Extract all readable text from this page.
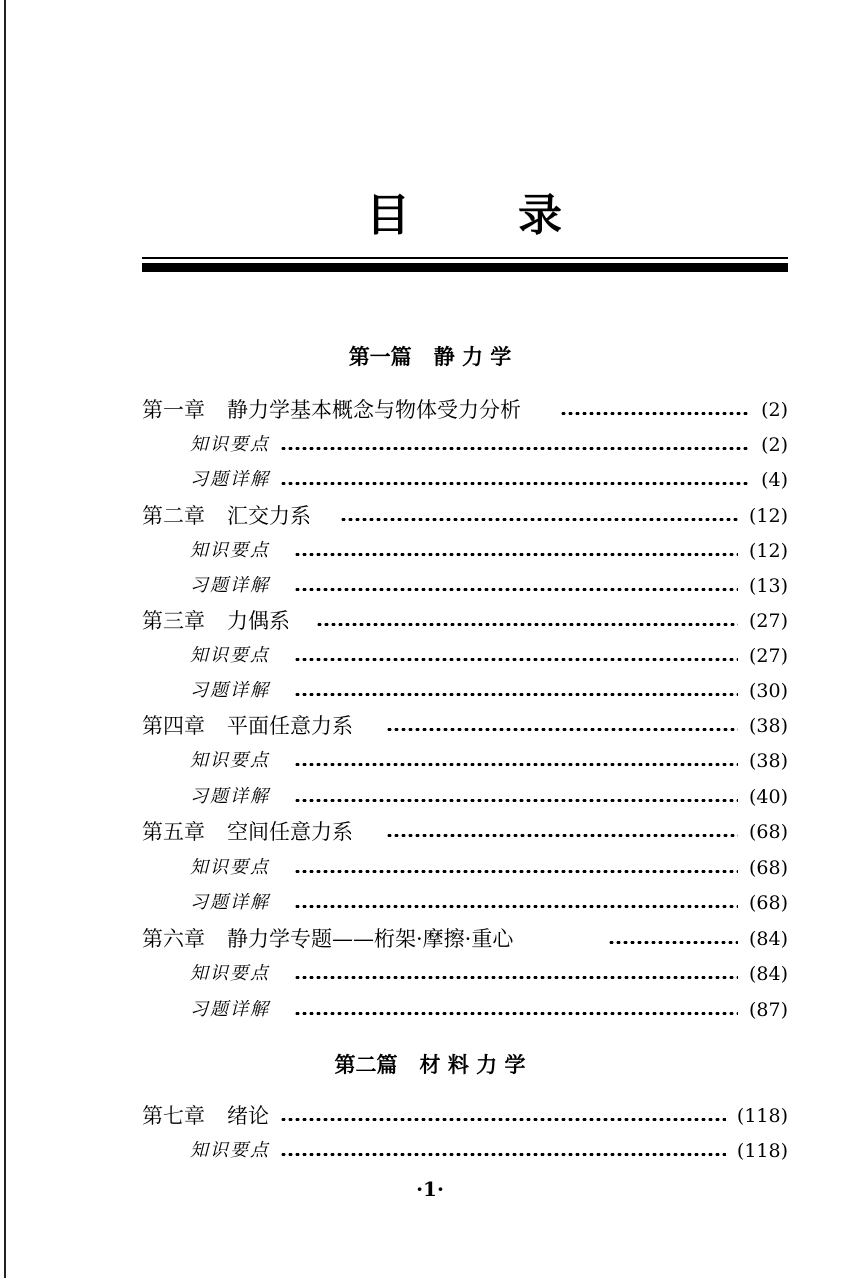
目 录
第一篇 静 力 学
第一章 静力学基本概念与物体受力分析	(2)
知识要点	(2)
习题详解	(4)
第二章 汇交力系	(12)
知识要点	(12)
习题详解	(13)
第三章 力偶系	(27)
知识要点	(27)
习题详解	(30)
第四章 平面任意力系	(38)
知识要点	(38)
习题详解	(40)
第五章 空间任意力系	(68)
知识要点	(68)
习题详解	(68)
第六章 静力学专题——桁架·摩擦·重心	(84)
知识要点	(84)
习题详解	(87)
第二篇 材 料 力 学
第七章 绪论	(118)
知识要点	(118)
·1·
